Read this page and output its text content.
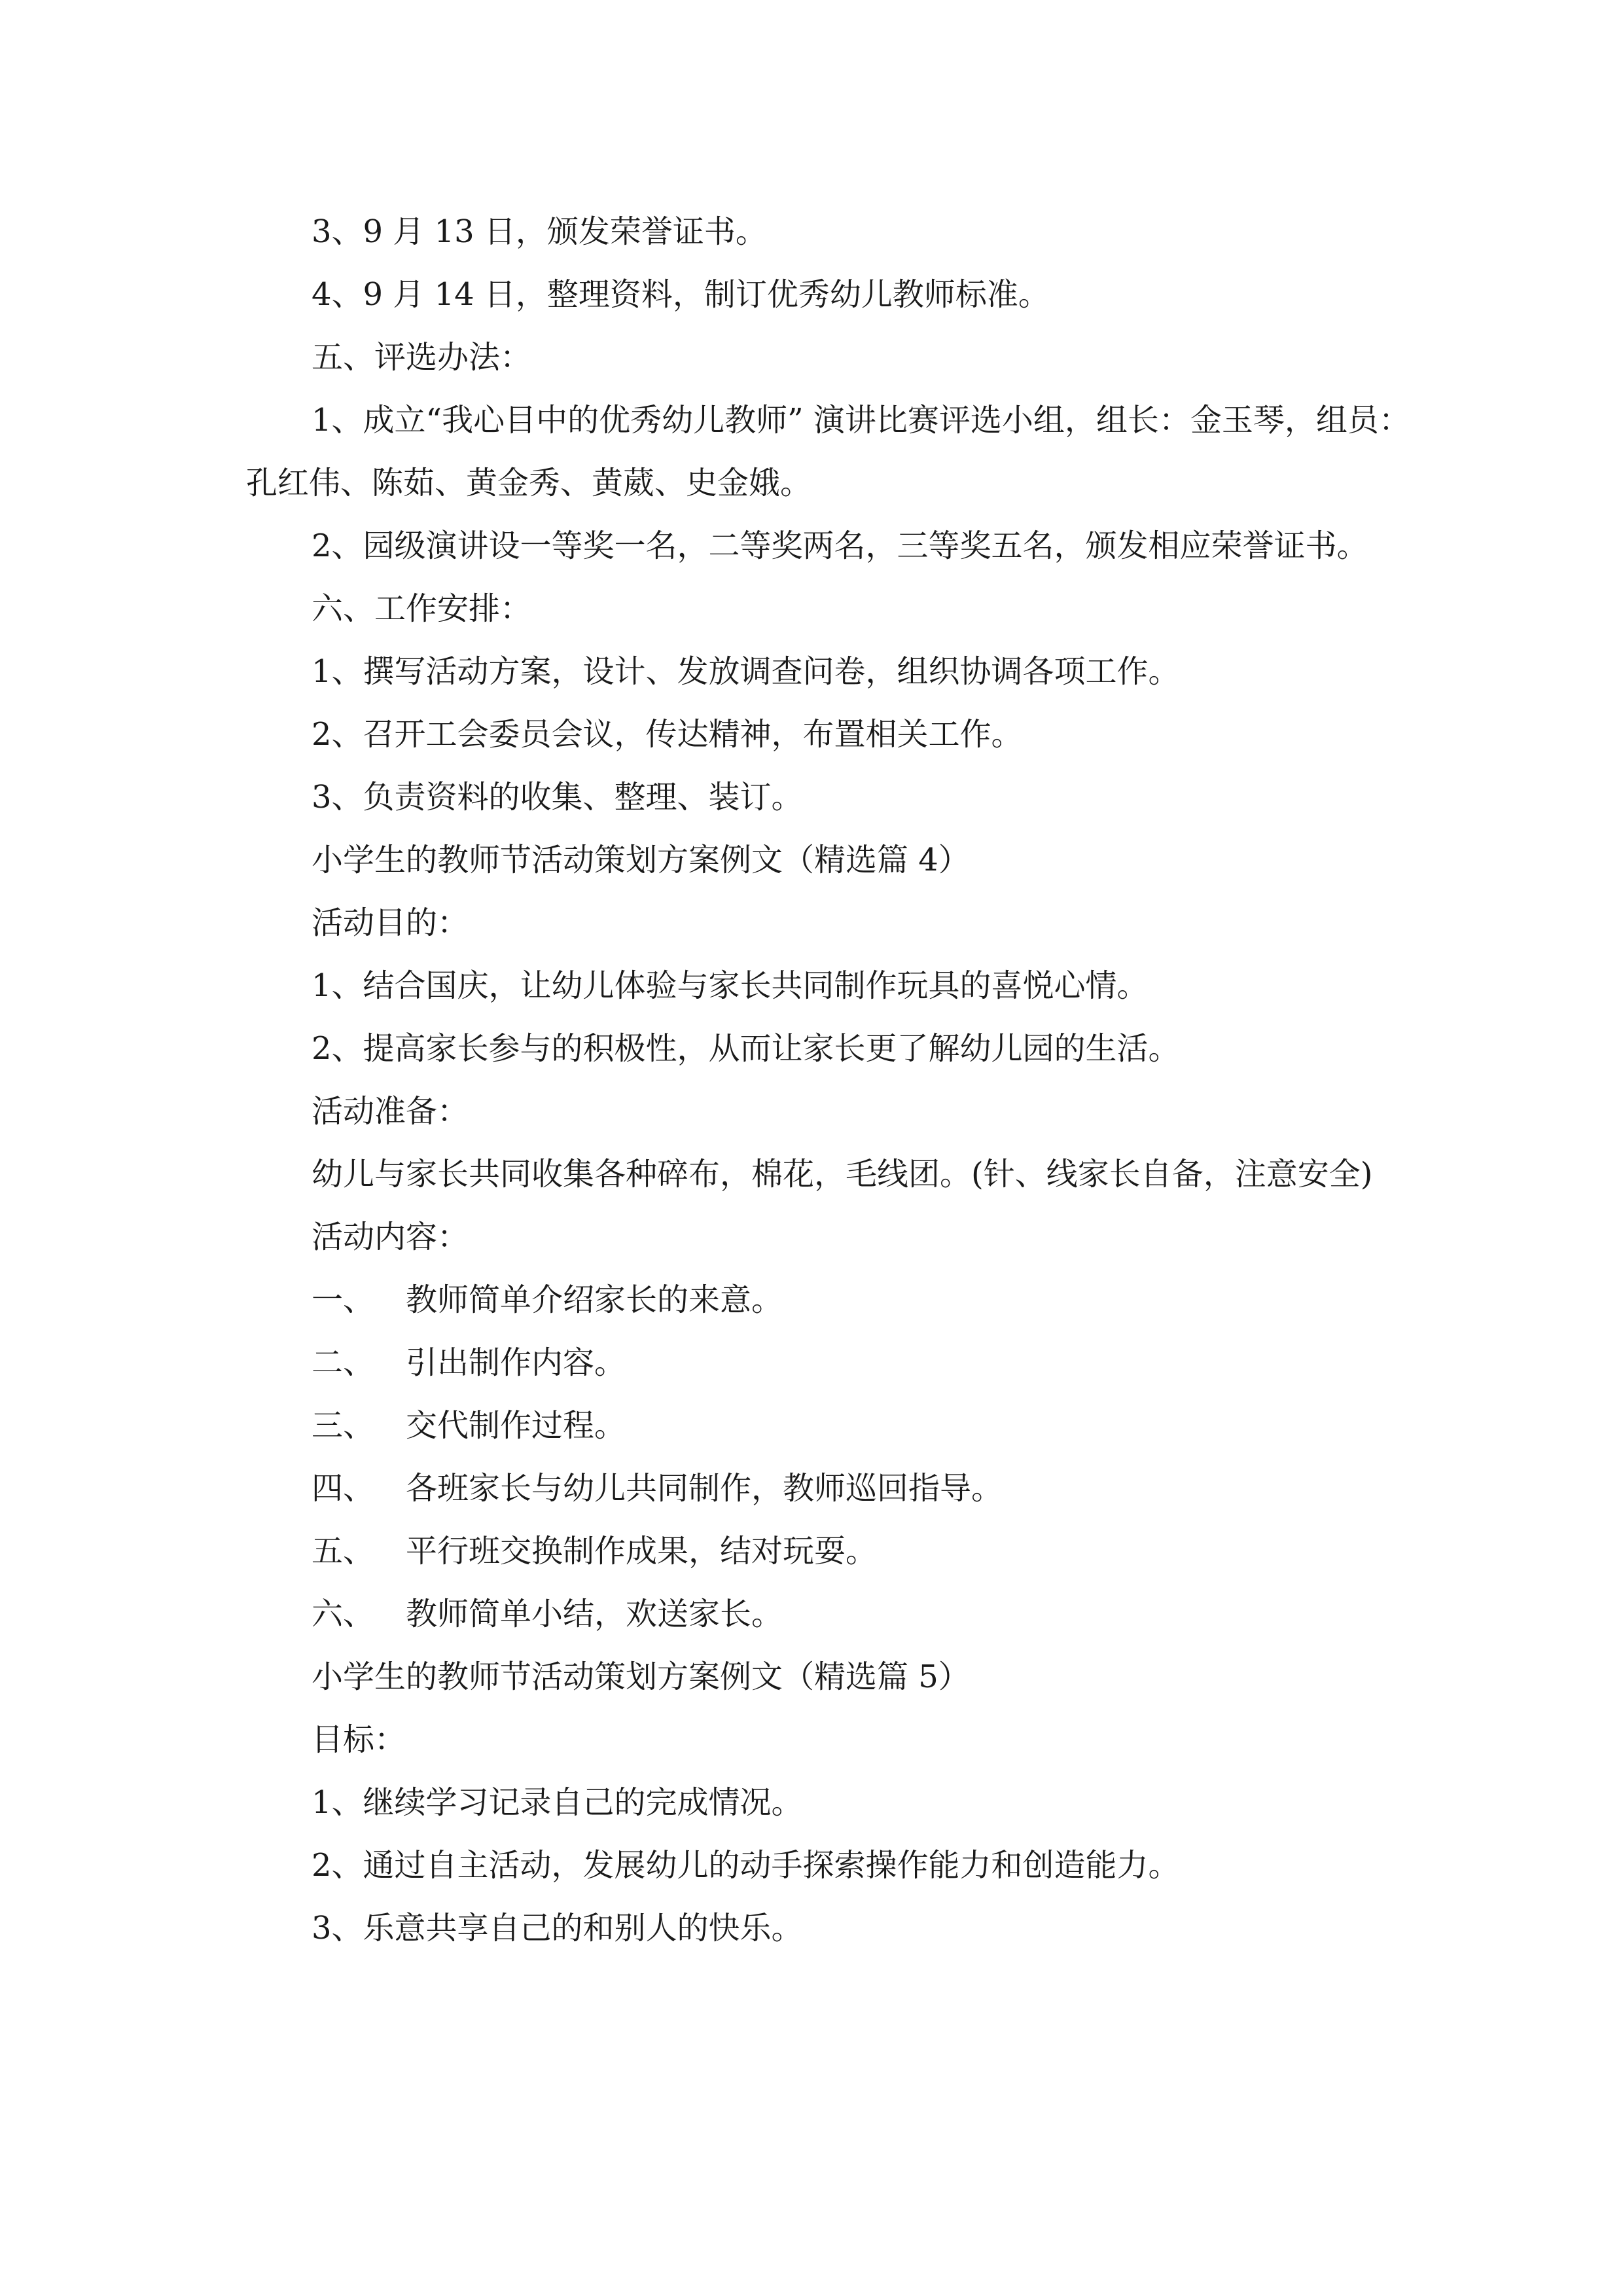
3、9 月 13 日，颁发荣誉证书。

4、9 月 14 日，整理资料，制订优秀幼儿教师标准。

五、评选办法：

1、成立“我心目中的优秀幼儿教师” 演讲比赛评选小组，组长：金玉琴，组员：孔红伟、陈茹、黄金秀、黄葳、史金娥。

2、园级演讲设一等奖一名，二等奖两名，三等奖五名，颁发相应荣誉证书。

六、工作安排：

1、撰写活动方案，设计、发放调查问卷，组织协调各项工作。

2、召开工会委员会议，传达精神，布置相关工作。

3、负责资料的收集、整理、装订。

小学生的教师节活动策划方案例文（精选篇 4）

活动目的：

1、结合国庆，让幼儿体验与家长共同制作玩具的喜悦心情。

2、提高家长参与的积极性，从而让家长更了解幼儿园的生活。

活动准备：

幼儿与家长共同收集各种碎布，棉花，毛线团。(针、线家长自备，注意安全)

活动内容：

一、 教师简单介绍家长的来意。

二、 引出制作内容。

三、 交代制作过程。

四、 各班家长与幼儿共同制作，教师巡回指导。

五、 平行班交换制作成果，结对玩耍。

六、 教师简单小结，欢送家长。

小学生的教师节活动策划方案例文（精选篇 5）

目标：

1、继续学习记录自己的完成情况。

2、通过自主活动，发展幼儿的动手探索操作能力和创造能力。

3、乐意共享自己的和别人的快乐。
